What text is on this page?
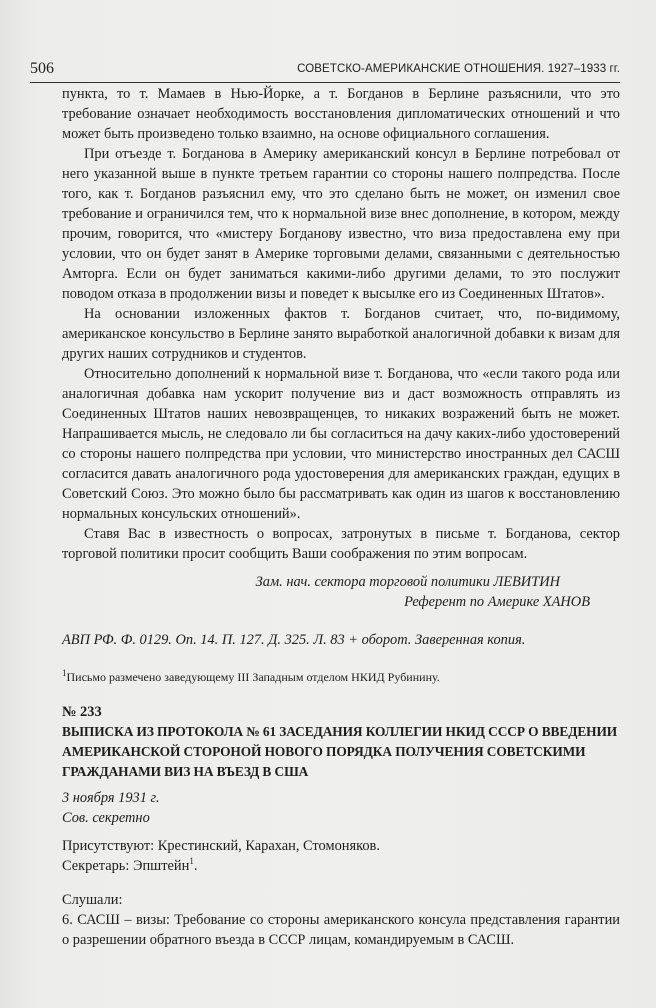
506	СОВЕТСКО-АМЕРИКАНСКИЕ ОТНОШЕНИЯ. 1927–1933 гг.

пункта, то т. Мамаев в Нью-Йорке, а т. Богданов в Берлине разъяснили, что это требование означает необходимость восстановления дипломатических отношений и что может быть произведено только взаимно, на основе официального соглашения.

При отъезде т. Богданова в Америку американский консул в Берлине потребовал от него указанной выше в пункте третьем гарантии со стороны нашего полпредства. После того, как т. Богданов разъяснил ему, что это сделано быть не может, он изменил свое требование и ограничился тем, что к нормальной визе внес дополнение, в котором, между прочим, говорится, что «мистеру Богданову известно, что виза предоставлена ему при условии, что он будет занят в Америке торговыми делами, связанными с деятельностью Амторга. Если он будет заниматься какими-либо другими делами, то это послужит поводом отказа в продолжении визы и поведет к высылке его из Соединенных Штатов».

На основании изложенных фактов т. Богданов считает, что, по-видимому, американское консульство в Берлине занято выработкой аналогичной добавки к визам для других наших сотрудников и студентов.

Относительно дополнений к нормальной визе т. Богданова, что «если такого рода или аналогичная добавка нам ускорит получение виз и даст возможность отправлять из Соединенных Штатов наших невозвращенцев, то никаких возражений быть не может. Напрашивается мысль, не следовало ли бы согласиться на дачу каких-либо удостоверений со стороны нашего полпредства при условии, что министерство иностранных дел САСШ согласится давать аналогичного рода удостоверения для американских граждан, едущих в Советский Союз. Это можно было бы рассматривать как один из шагов к восстановлению нормальных консульских отношений».

Ставя Вас в известность о вопросах, затронутых в письме т. Богданова, сектор торговой политики просит сообщить Ваши соображения по этим вопросам.

Зам. нач. сектора торговой политики ЛЕВИТИН

Референт по Америке ХАНОВ

АВП РФ. Ф. 0129. Оп. 14. П. 127. Д. 325. Л. 83 + оборот. Заверенная копия.

$^1$Письмо размечено заведующему III Западным отделом НКИД Рубинину.

№ 233

ВЫПИСКА ИЗ ПРОТОКОЛА № 61 ЗАСЕДАНИЯ КОЛЛЕГИИ НКИД СССР О ВВЕДЕНИИ АМЕРИКАНСКОЙ СТОРОНОЙ НОВОГО ПОРЯДКА ПОЛУЧЕНИЯ СОВЕТСКИМИ ГРАЖДАНАМИ ВИЗ НА ВЪЕЗД В США

3 ноября 1931 г.

Сов. секретно

Присутствуют: Крестинский, Карахан, Стомоняков.

Секретарь: Эпштейн$^1$.

Слушали:

6. САСШ – визы: Требование со стороны американского консула представления гарантии о разрешении обратного въезда в СССР лицам, командируемым в САСШ.
